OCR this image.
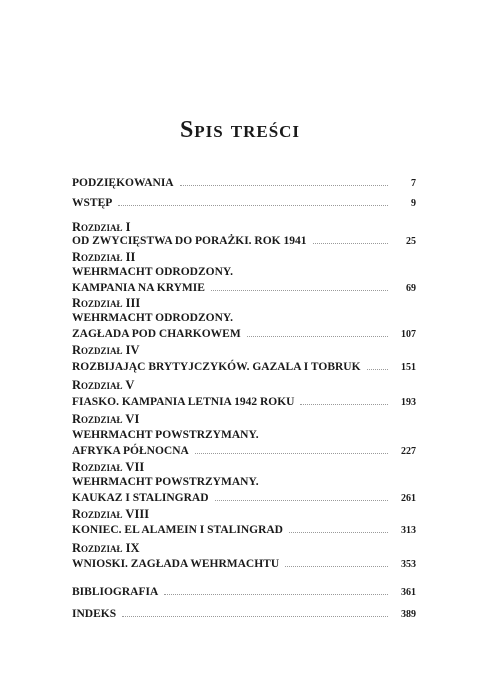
Spis treści
PODZIĘKOWANIA	7
WSTĘP	9
Rozdział I
OD ZWYCIĘSTWA DO PORAŻKI. ROK 1941	25
Rozdział II
WEHRMACHT ODRODZONY.
KAMPANIA NA KRYMIE	69
Rozdział III
WEHRMACHT ODRODZONY.
ZAGŁADA POD CHARKOWEM	107
Rozdział IV
ROZBIJAJĄC BRYTYJCZYKÓW. GAZALA I TOBRUK	151
Rozdział V
FIASKO. KAMPANIA LETNIA 1942 ROKU	193
Rozdział VI
WEHRMACHT POWSTRZYMANY.
AFRYKA PÓŁNOCNA	227
Rozdział VII
WEHRMACHT POWSTRZYMANY.
KAUKAZ I STALINGRAD	261
Rozdział VIII
KONIEC. EL ALAMEIN I STALINGRAD	313
Rozdział IX
WNIOSKI. ZAGŁADA WEHRMACHTU	353
BIBLIOGRAFIA	361
INDEKS	389
